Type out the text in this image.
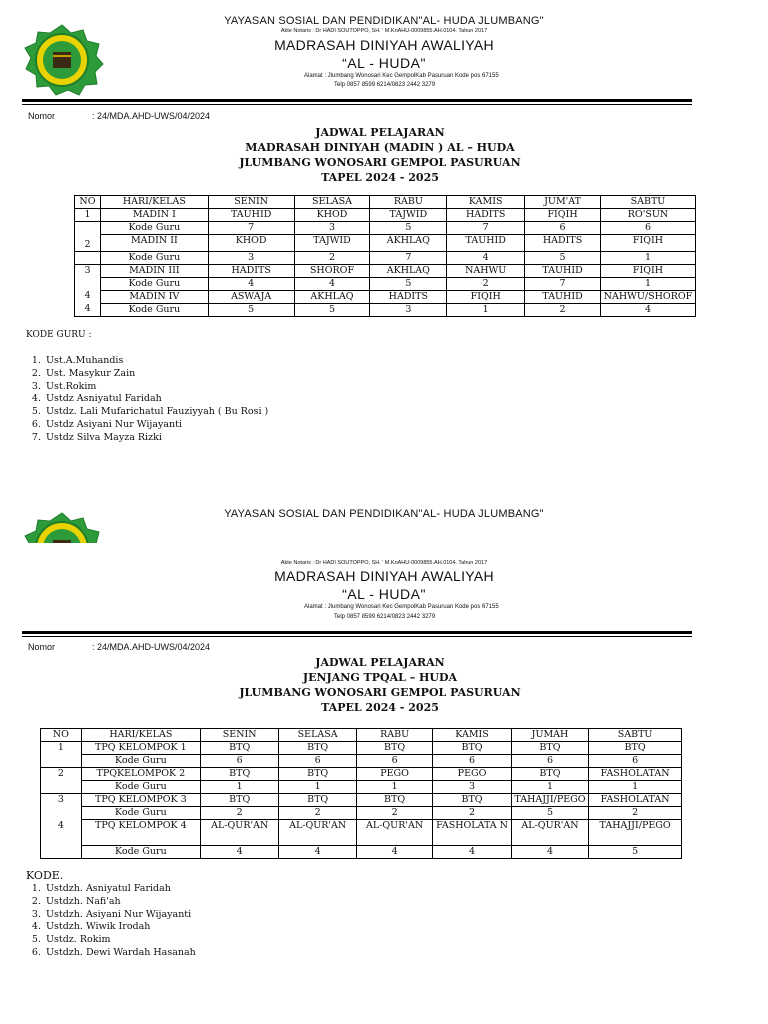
YAYASAN SOSIAL DAN PENDIDIKAN"AL- HUDA JLUMBANG"
Akte Notaris : Dr HADI SOUTOPPO, SH. ' M.KnAHU-0009855.AH.0104. Tahun 2017
MADRASAH DINIYAH AWALIYAH
“AL - HUDA"
Alamat : Jlumbang Wonosari Kec GempolKab Pasuruan Kode pos 67155
Telp 0857 8599 6214/0823 2442 3279
Nomor	: 24/MDA.AHD-UWS/04/2024
JADWAL PELAJARAN
MADRASAH DINIYAH (MADIN ) AL – HUDA
JLUMBANG WONOSARI GEMPOL PASURUAN
TAPEL 2024 - 2025
NO	HARI/KELAS	SENIN	SELASA	RABU	KAMIS	JUM'AT	SABTU
1	MADIN I	TAUHID	KHOD	TAJWID	HADITS	FIQIH	RO'SUN
	Kode Guru	7	3	5	7	6	6
2	MADIN II	KHOD	TAJWID	AKHLAQ	TAUHID	HADITS	FIQIH
	Kode Guru	3	2	7	4	5	1
3	MADIN III	HADITS	SHOROF	AKHLAQ	NAHWU	TAUHID	FIQIH
	Kode Guru	4	4	5	2	7	1
4	MADIN IV	ASWAJA	AKHLAQ	HADITS	FIQIH	TAUHID	NAHWU/SHOROF
4	Kode Guru	5	5	3	1	2	4
KODE GURU :
1. Ust.A.Muhandis
2. Ust. Masykur Zain
3. Ust.Rokim
4. Ustdz Asniyatul Faridah
5. Ustdz. Lali Mufarichatul Fauziyyah ( Bu Rosi )
6. Ustdz Asiyani Nur Wijayanti
7. Ustdz Silva Mayza Rizki
YAYASAN SOSIAL DAN PENDIDIKAN"AL- HUDA JLUMBANG"
Akte Notaris : Dr HADI SOUTOPPO, SH. ' M.KnAHU-0009855.AH.0104. Tahun 2017
MADRASAH DINIYAH AWALIYAH
“AL - HUDA"
Alamat : Jlumbang Wonosari Kec GempolKab Pasuruan Kode pos 67155
Telp 0857 8599 6214/0823 2442 3279
Nomor	: 24/MDA.AHD-UWS/04/2024
JADWAL PELAJARAN
JENJANG TPQAL – HUDA
JLUMBANG WONOSARI GEMPOL PASURUAN
TAPEL 2024 - 2025
NO	HARI/KELAS	SENIN	SELASA	RABU	KAMIS	JUMAH	SABTU
1	TPQ KELOMPOK 1	BTQ	BTQ	BTQ	BTQ	BTQ	BTQ
	Kode Guru	6	6	6	6	6	6
2	TPQKELOMPOK 2	BTQ	BTQ	PEGO	PEGO	BTQ	FASHOLATAN
	Kode Guru	1	1	1	3	1	1
3	TPQ KELOMPOK 3	BTQ	BTQ	BTQ	BTQ	TAHAJJI/PEGO	FASHOLATAN
	Kode Guru	2	2	2	2	5	2
4	TPQ KELOMPOK 4	AL-QUR'AN	AL-QUR'AN	AL-QUR'AN	FASHOLATA N	AL-QUR'AN	TAHAJJI/PEGO
	Kode Guru	4	4	4	4	4	5
KODE.
1. Ustdzh. Asniyatul Faridah
2. Ustdzh. Nafi'ah
3. Ustdzh. Asiyani Nur Wijayanti
4. Ustdzh. Wiwik Irodah
5. Ustdz. Rokim
6. Ustdzh. Dewi Wardah Hasanah
